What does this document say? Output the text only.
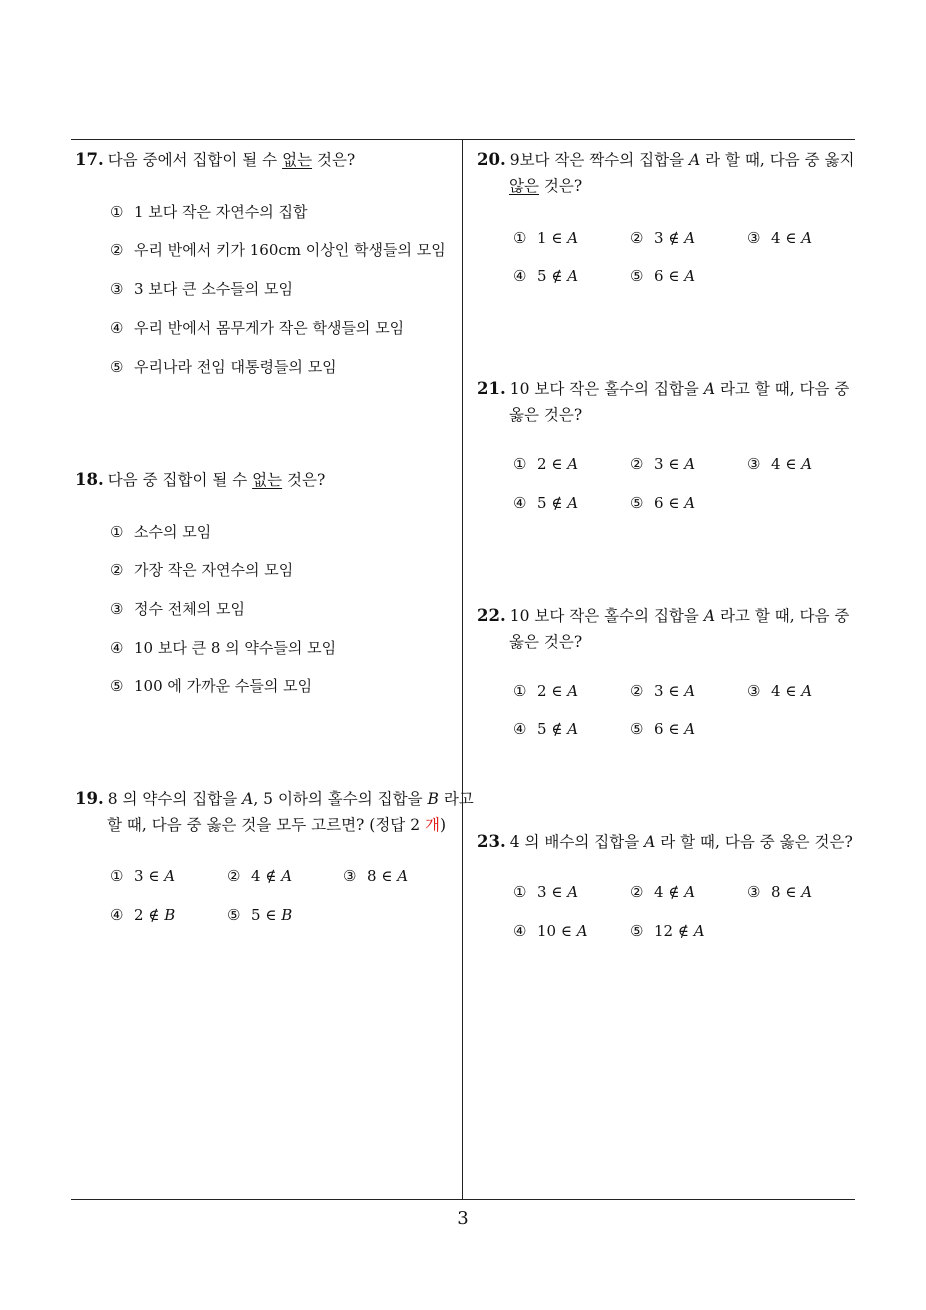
17. 다음 중에서 집합이 될 수 없는 것은?
① 1 보다 작은 자연수의 집합
② 우리 반에서 키가 160cm 이상인 학생들의 모임
③ 3 보다 큰 소수들의 모임
④ 우리 반에서 몸무게가 작은 학생들의 모임
⑤ 우리나라 전임 대통령들의 모임
18. 다음 중 집합이 될 수 없는 것은?
① 소수의 모임
② 가장 작은 자연수의 모임
③ 정수 전체의 모임
④ 10 보다 큰 8 의 약수들의 모임
⑤ 100 에 가까운 수들의 모임
19. 8 의 약수의 집합을 A, 5 이하의 홀수의 집합을 B 라고
할 때, 다음 중 옳은 것을 모두 고르면? (정답 2 개)
① 3 ∈ A	② 4 ∉ A	③ 8 ∈ A
④ 2 ∉ B	⑤ 5 ∈ B
20. 9보다 작은 짝수의 집합을 A 라 할 때, 다음 중 옳지
않은 것은?
① 1 ∈ A	② 3 ∉ A	③ 4 ∈ A
④ 5 ∉ A	⑤ 6 ∈ A
21. 10 보다 작은 홀수의 집합을 A 라고 할 때, 다음 중
옳은 것은?
① 2 ∈ A	② 3 ∈ A	③ 4 ∈ A
④ 5 ∉ A	⑤ 6 ∈ A
22. 10 보다 작은 홀수의 집합을 A 라고 할 때, 다음 중
옳은 것은?
① 2 ∈ A	② 3 ∈ A	③ 4 ∈ A
④ 5 ∉ A	⑤ 6 ∈ A
23. 4 의 배수의 집합을 A 라 할 때, 다음 중 옳은 것은?
① 3 ∈ A	② 4 ∉ A	③ 8 ∈ A
④ 10 ∈ A	⑤ 12 ∉ A
3
